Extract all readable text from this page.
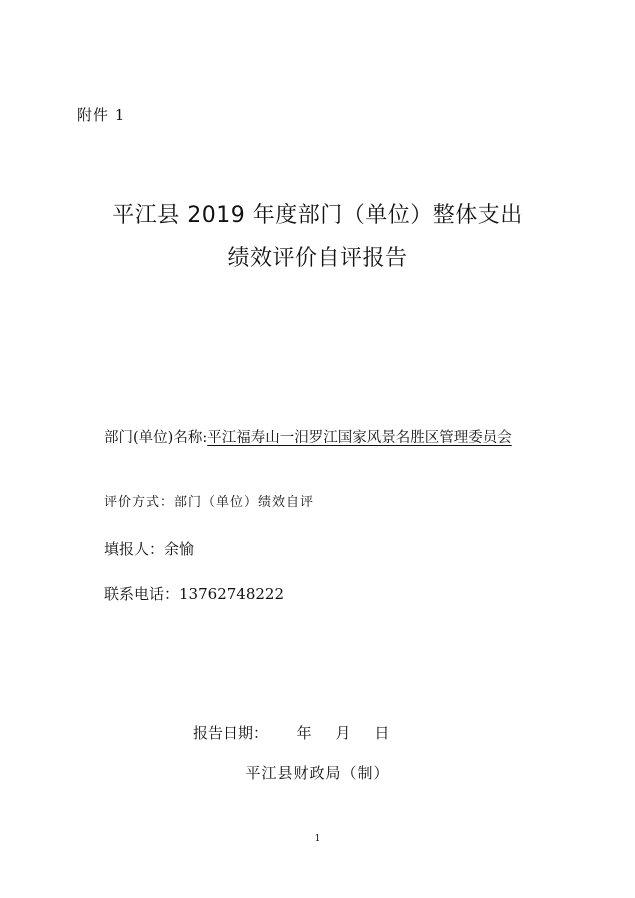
附件 1
平江县 2019 年度部门（单位）整体支出
绩效评价自评报告
部门(单位)名称:平江福寿山一汨罗江国家风景名胜区管理委员会
评价方式：部门（单位）绩效自评
填报人：余愉
联系电话：13762748222
报告日期： 年 月 日
平江县财政局（制）
1
